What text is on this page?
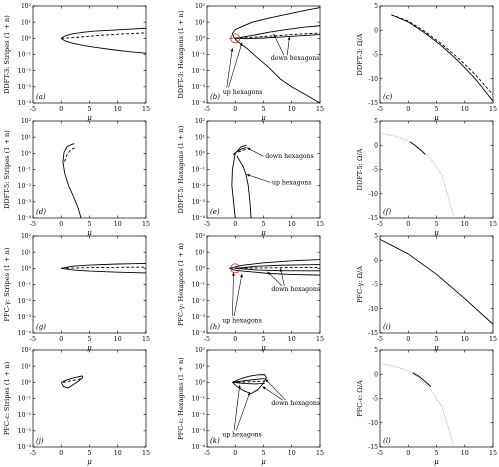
-5	0	5	10	15
10⁻⁴
10⁻³
10⁻²
10⁻¹
10⁰
10¹
10²
μ
DDFT-3: Stripes (1 + n)
(a)
-5	0	5	10	15
10⁻⁴
10⁻³
10⁻²
10⁻¹
10⁰
10¹
10²
μ
DDFT-3: Hexagons (1 + n)	(b)
up hexagons
down hexagons
-5	0	5	10	15
-15
-10
-5
0
5
μ
DDFT-3: Ω/A
(c)
-5	0	5	10	15
10⁻⁴
10⁻³
10⁻²
10⁻¹
10⁰
10¹
10²
μ
DDFT-5: Stripes (1 + n)
(d)
-5	0	5	10	15
10⁻⁴
10⁻³
10⁻²
10⁻¹
10⁰
10¹
10²
μ
DDFT-5: Hexagons (1 + n)	(e)
down hexagons
up hexagons
-5	0	5	10	15
-15
-10
-5
0
5
μ
DDFT-5: Ω/A
(f)
-5	0	5	10	15
10⁻⁴
10⁻³
10⁻²
10⁻¹
10⁰
10¹
10²
μ
PFC-γ: Stripes (1 + n)
(g)
-5	0	5	10	15
10⁻⁴
10⁻³
10⁻²
10⁻¹
10⁰
10¹
10²
μ
PFC-γ: Hexagons (1 + n)
(h)
up hexagons
down hexagons
-5	0	5	10	15
-15
-10
-5
0
5
μ
PFC-γ: Ω/A
(i)
-5	0	5	10	15
10⁻⁴
10⁻³
10⁻²
10⁻¹
10⁰
10¹
10²
μ
PFC-ε: Stripes (1 + n)
(j)
-5	0	5	10	15
10⁻⁴
10⁻³
10⁻²
10⁻¹
10⁰
10¹
10²
μ
PFC-ε: Hexagons (1 + n)
(k)
up hexagons
down hexagons
-5	0	5	10	15
-15
-10
-5
0
5
μ
PFC-ε: Ω/A
(l)
